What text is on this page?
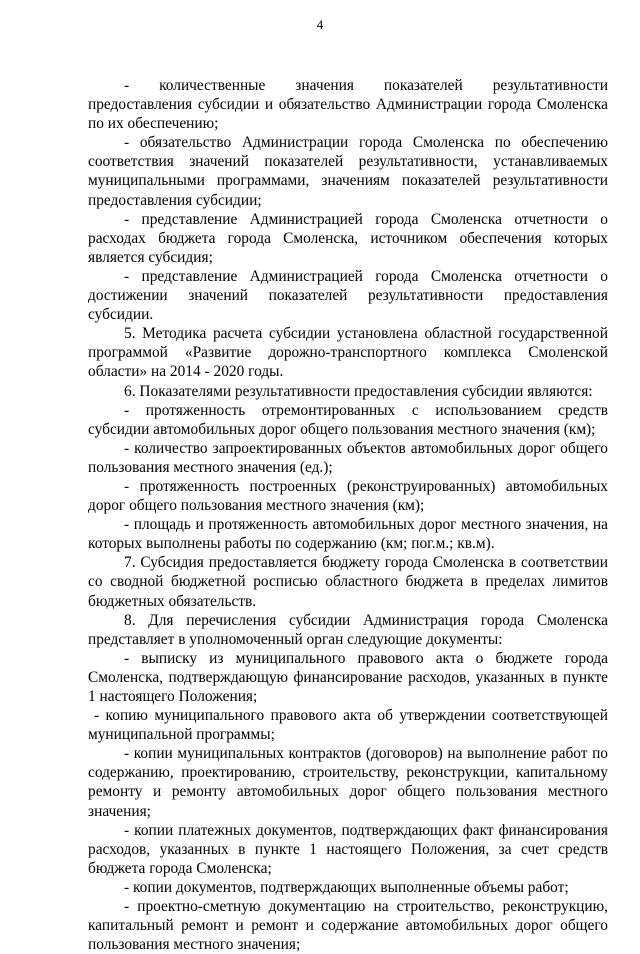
4

- количественные значения показателей результативности предоставления субсидии и обязательство Администрации города Смоленска по их обеспечению;

- обязательство Администрации города Смоленска по обеспечению соответствия значений показателей результативности, устанавливаемых муниципальными программами, значениям показателей результативности предоставления субсидии;

- представление Администрацией города Смоленска отчетности о расходах бюджета города Смоленска, источником обеспечения которых является субсидия;

- представление Администрацией города Смоленска отчетности о достижении значений показателей результативности предоставления субсидии.

5. Методика расчета субсидии установлена областной государственной программой «Развитие дорожно-транспортного комплекса Смоленской области» на 2014 - 2020 годы.

6. Показателями результативности предоставления субсидии являются:

- протяженность отремонтированных с использованием средств субсидии автомобильных дорог общего пользования местного значения (км);

- количество запроектированных объектов автомобильных дорог общего пользования местного значения (ед.);

- протяженность построенных (реконструированных) автомобильных дорог общего пользования местного значения (км);

- площадь и протяженность автомобильных дорог местного значения, на которых выполнены работы по содержанию (км; пог.м.; кв.м).

7. Субсидия предоставляется бюджету города Смоленска в соответствии со сводной бюджетной росписью областного бюджета в пределах лимитов бюджетных обязательств.

8. Для перечисления субсидии Администрация города Смоленска представляет в уполномоченный орган следующие документы:

- выписку из муниципального правового акта о бюджете города Смоленска, подтверждающую финансирование расходов, указанных в пункте 1 настоящего Положения;

- копию муниципального правового акта об утверждении соответствующей муниципальной программы;

- копии муниципальных контрактов (договоров) на выполнение работ по содержанию, проектированию, строительству, реконструкции, капитальному ремонту и ремонту автомобильных дорог общего пользования местного значения;

- копии платежных документов, подтверждающих факт финансирования расходов, указанных в пункте 1 настоящего Положения, за счет средств бюджета города Смоленска;

- копии документов, подтверждающих выполненные объемы работ;

- проектно-сметную документацию на строительство, реконструкцию, капитальный ремонт и ремонт и содержание автомобильных дорог общего пользования местного значения;
